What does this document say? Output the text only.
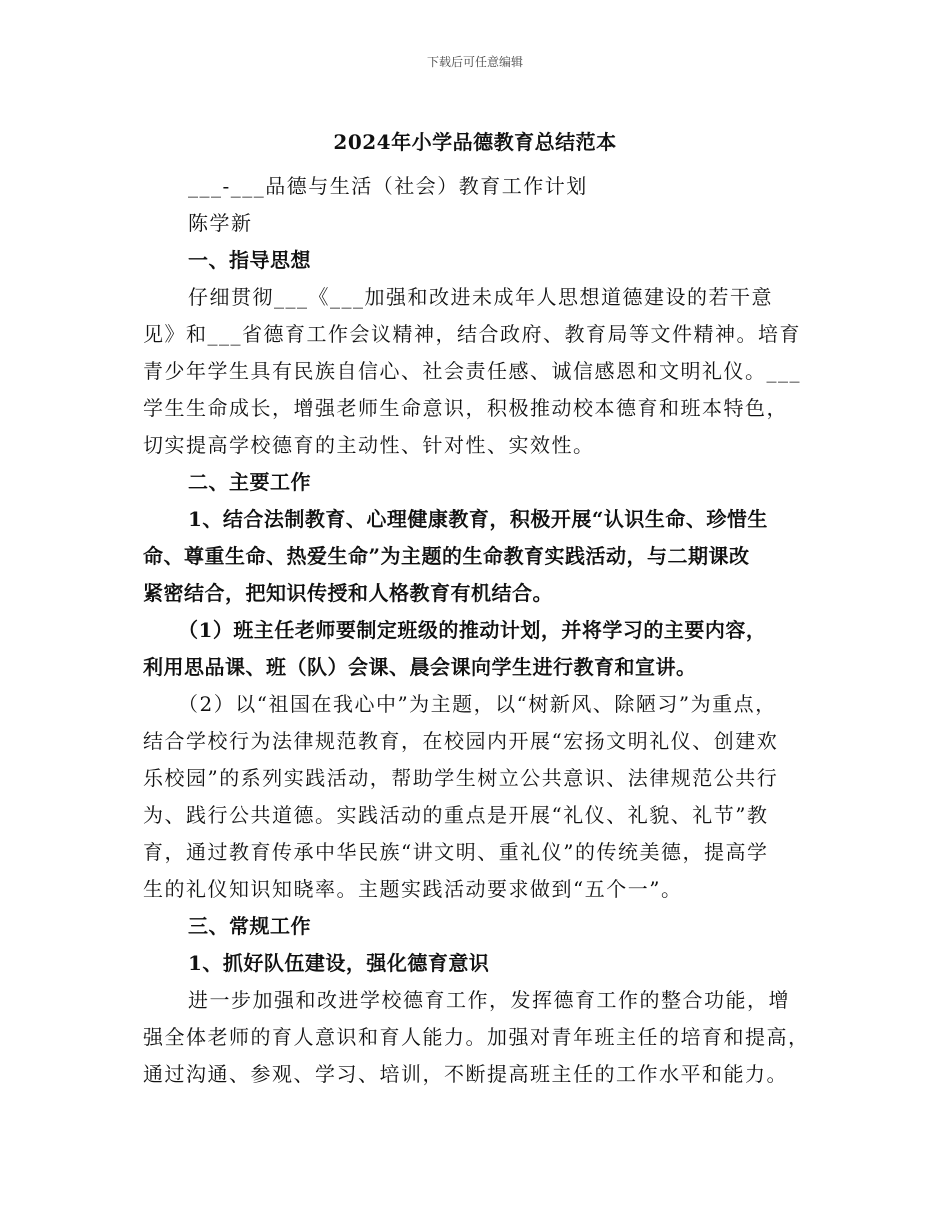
下载后可任意编辑
2024年小学品德教育总结范本
___-___品德与生活（社会）教育工作计划
陈学新
一、指导思想
仔细贯彻___《___加强和改进未成年人思想道德建设的若干意
见》和___省德育工作会议精神，结合政府、教育局等文件精神。培育
青少年学生具有民族自信心、社会责任感、诚信感恩和文明礼仪。___
学生生命成长，增强老师生命意识，积极推动校本德育和班本特色，
切实提高学校德育的主动性、针对性、实效性。
二、主要工作
1、结合法制教育、心理健康教育，积极开展“认识生命、珍惜生
命、尊重生命、热爱生命”为主题的生命教育实践活动，与二期课改
紧密结合，把知识传授和人格教育有机结合。
（1）班主任老师要制定班级的推动计划，并将学习的主要内容，
利用思品课、班（队）会课、晨会课向学生进行教育和宣讲。
（2）以“祖国在我心中”为主题，以“树新风、除陋习”为重点，
结合学校行为法律规范教育，在校园内开展“宏扬文明礼仪、创建欢
乐校园”的系列实践活动，帮助学生树立公共意识、法律规范公共行
为、践行公共道德。实践活动的重点是开展“礼仪、礼貌、礼节”教
育，通过教育传承中华民族“讲文明、重礼仪”的传统美德，提高学
生的礼仪知识知晓率。主题实践活动要求做到“五个一”。
三、常规工作
1、抓好队伍建设，强化德育意识
进一步加强和改进学校德育工作，发挥德育工作的整合功能，增
强全体老师的育人意识和育人能力。加强对青年班主任的培育和提高，
通过沟通、参观、学习、培训，不断提高班主任的工作水平和能力。
